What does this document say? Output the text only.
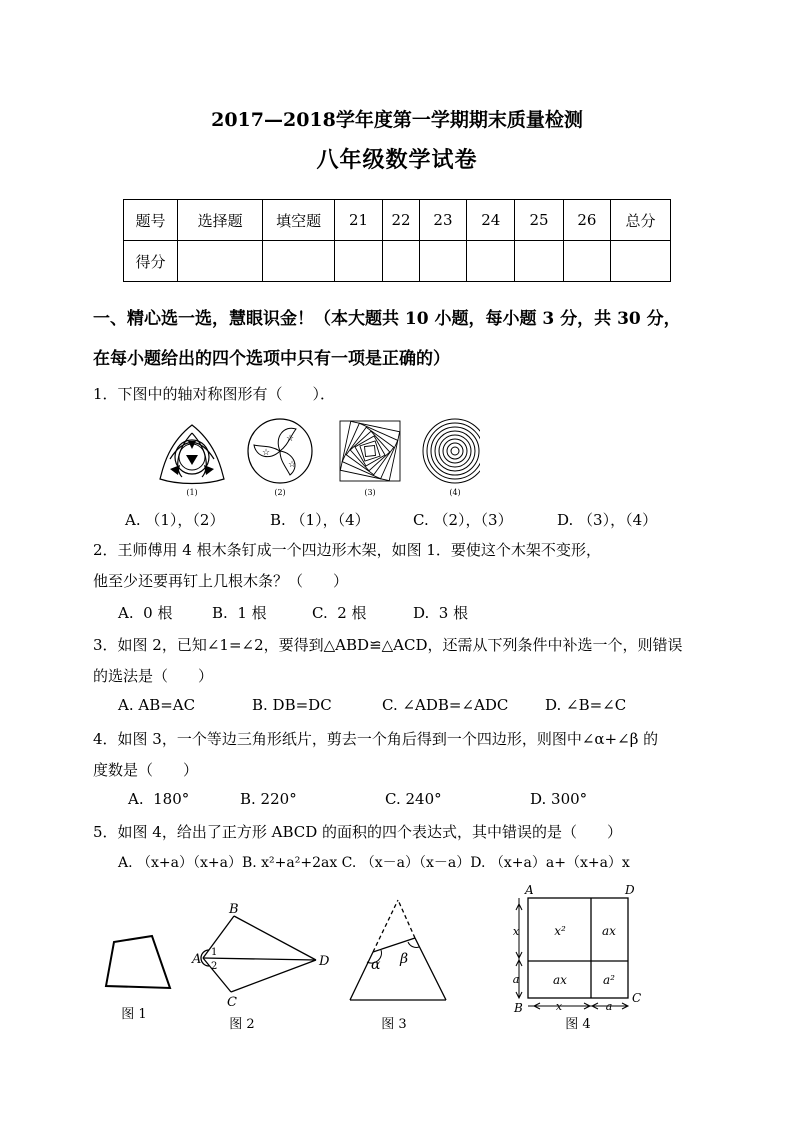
2017—2018学年度第一学期期末质量检测
八年级数学试卷
题号	选择题	填空题	21	22	23	24	25	26	总分
得分									
一、精心选一选，慧眼识金！（本大题共 10 小题，每小题 3 分，共 30 分，
在每小题给出的四个选项中只有一项是正确的）
1．下图中的轴对称图形有（　　）．
(1)
☆
☆
☆
(2)	(3)	(4)
A. （1），（2）	B. （1），（4）	C. （2），（3）	D. （3），（4）
2．王师傅用 4 根木条钉成一个四边形木架，如图 1．要使这个木架不变形，
他至少还要再钉上几根木条？（　　）
A.  0 根	B.  1 根	C.  2 根	D.  3 根
3．如图 2，已知∠1=∠2，要得到△ABD≌△ACD，还需从下列条件中补选一个，则错误
的选法是（　　）
A. AB=AC	B. DB=DC	C. ∠ADB=∠ADC D. ∠B=∠C
4．如图 3，一个等边三角形纸片，剪去一个角后得到一个四边形，则图中∠α+∠β 的
度数是（　　）
A.  180°	B. 220°	C. 240°	D. 300°
5．如图 4，给出了正方形 ABCD 的面积的四个表达式，其中错误的是（　　）
A. （x+a）（x+a）B. x²+a²+2ax C. （x－a）（x－a）D. （x+a）a+（x+a）x
图 1
B
A	D
C
1
2
图 2
α β
图 3
A	D
B
C
x²	ax
ax	a²
x
a
x	a
图 4
